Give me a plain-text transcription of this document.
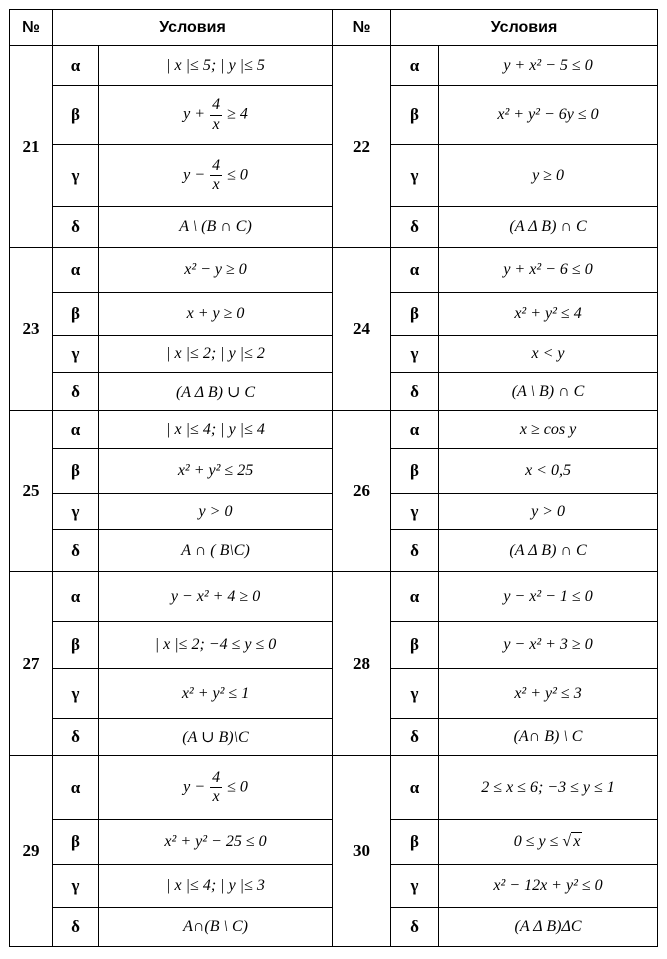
№	Условия		№	Условия	
21	α	| x |≤ 5; | y |≤ 5	22	α	y + x² − 5 ≤ 0
	β	$y + \frac{4}{x} \ge 4$		β	x² + y² − 6y ≤ 0
	γ	$y - \frac{4}{x} \le 0$		γ	y ≥ 0
	δ	A \ (B ∩ C)		δ	(A Δ B) ∩ C
23	α	x² − y ≥ 0	24	α	y + x² − 6 ≤ 0
	β	x + y ≥ 0		β	x² + y² ≤ 4
	γ	| x |≤ 2; | y |≤ 2		γ	x < y
	δ	(A Δ B) ∪ C		δ	(A \ B) ∩ C
25	α	| x |≤ 4; | y |≤ 4	26	α	x ≥ cos y
	β	x² + y² ≤ 25		β	x < 0,5
	γ	y > 0		γ	y > 0
	δ	A ∩ ( B\C)		δ	(A Δ B) ∩ C
27	α	y − x² + 4 ≥ 0	28	α	y − x² − 1 ≤ 0
	β	| x |≤ 2; −4 ≤ y ≤ 0		β	y − x² + 3 ≥ 0
	γ	x² + y² ≤ 1		γ	x² + y² ≤ 3
	δ	(A ∪ B)\C		δ	(A∩ B) \ C
29	α	$y - \frac{4}{x} \le 0$	30	α	2 ≤ x ≤ 6; −3 ≤ y ≤ 1
	β	x² + y² − 25 ≤ 0		β	0 ≤ y ≤ √ x
	γ	| x |≤ 4; | y |≤ 3		γ	x² − 12x + y² ≤ 0
	δ	A∩(B \ C)		δ	(A Δ B)ΔC
